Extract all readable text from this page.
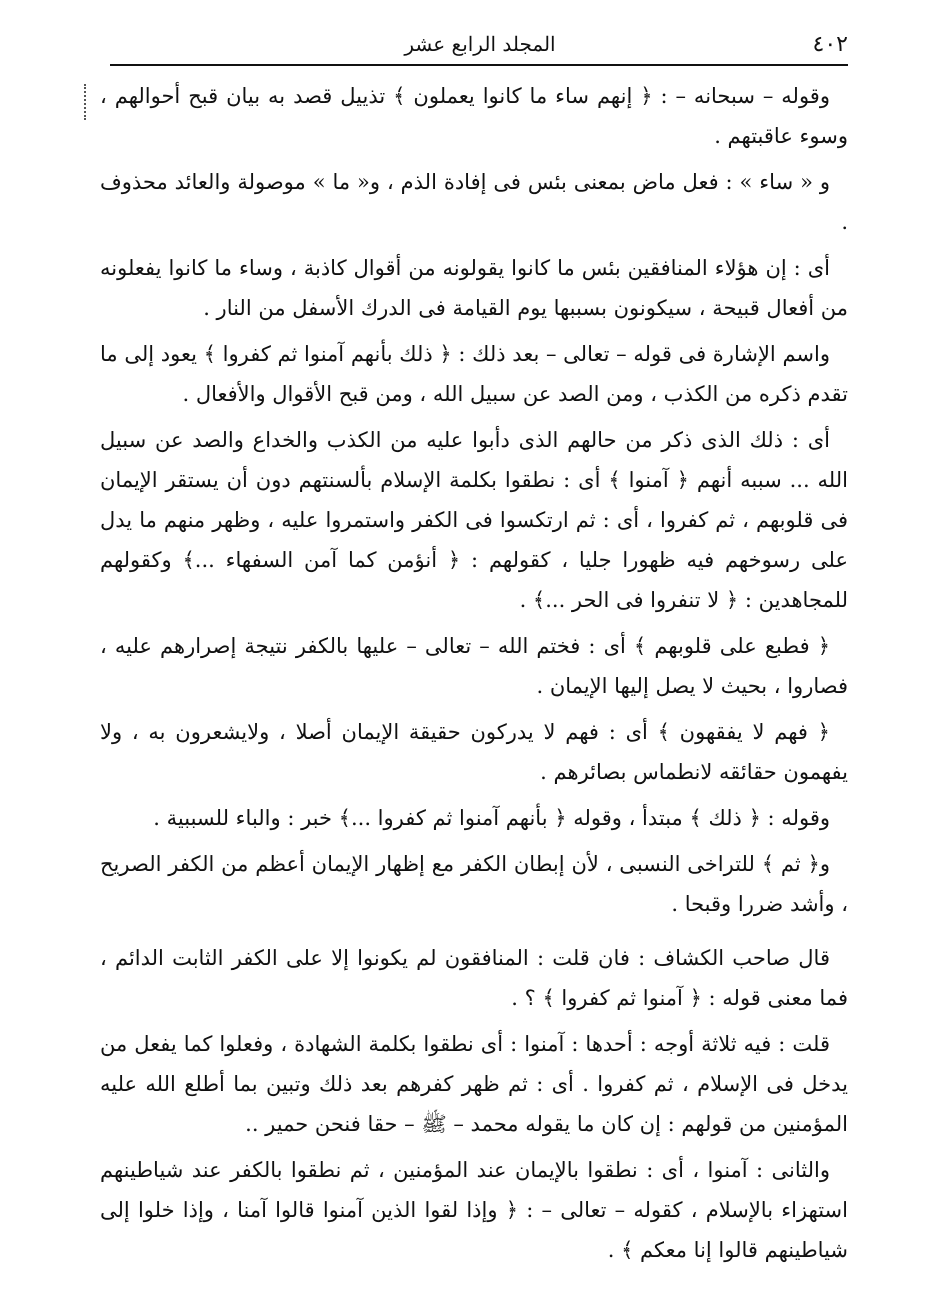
٤٠٢
المجلد الرابع عشر

وقوله – سبحانه – : ﴿ إنهم ساء ما كانوا يعملون ﴾ تذييل قصد به بيان قبح أحوالهم ، وسوء عاقبتهم .

و « ساء » : فعل ماض بمعنى بئس فى إفادة الذم ، و« ما » موصولة والعائد محذوف .

أى : إن هؤلاء المنافقين بئس ما كانوا يقولونه من أقوال كاذبة ، وساء ما كانوا يفعلونه من أفعال قبيحة ، سيكونون بسببها يوم القيامة فى الدرك الأسفل من النار .

واسم الإشارة فى قوله – تعالى – بعد ذلك : ﴿ ذلك بأنهم آمنوا ثم كفروا ﴾ يعود إلى ما تقدم ذكره من الكذب ، ومن الصد عن سبيل الله ، ومن قبح الأقوال والأفعال .

أى : ذلك الذى ذكر من حالهم الذى دأبوا عليه من الكذب والخداع والصد عن سبيل الله ... سببه أنهم ﴿ آمنوا ﴾ أى : نطقوا بكلمة الإسلام بألسنتهم دون أن يستقر الإيمان فى قلوبهم ، ثم كفروا ، أى : ثم ارتكسوا فى الكفر واستمروا عليه ، وظهر منهم ما يدل على رسوخهم فيه ظهورا جليا ، كقولهم : ﴿ أنؤمن كما آمن السفهاء ...﴾ وكقولهم للمجاهدين : ﴿ لا تنفروا فى الحر ...﴾ .

﴿ فطبع على قلوبهم ﴾ أى : فختم الله – تعالى – عليها بالكفر نتيجة إصرارهم عليه ، فصاروا ، بحيث لا يصل إليها الإيمان .

﴿ فهم لا يفقهون ﴾ أى : فهم لا يدركون حقيقة الإيمان أصلا ، ولايشعرون به ، ولا يفهمون حقائقه لانطماس بصائرهم .

وقوله : ﴿ ذلك ﴾ مبتدأ ، وقوله ﴿ بأنهم آمنوا ثم كفروا ...﴾ خبر : والباء للسببية .

و﴿ ثم ﴾ للتراخى النسبى ، لأن إبطان الكفر مع إظهار الإيمان أعظم من الكفر الصريح ، وأشد ضررا وقبحا .

قال صاحب الكشاف : فان قلت : المنافقون لم يكونوا إلا على الكفر الثابت الدائم ، فما معنى قوله : ﴿ آمنوا ثم كفروا ﴾ ؟ .

قلت : فيه ثلاثة أوجه : أحدها : آمنوا : أى نطقوا بكلمة الشهادة ، وفعلوا كما يفعل من يدخل فى الإسلام ، ثم كفروا . أى : ثم ظهر كفرهم بعد ذلك وتبين بما أطلع الله عليه المؤمنين من قولهم : إن كان ما يقوله محمد – ﷺ – حقا فنحن حمير ..

والثانى : آمنوا ، أى : نطقوا بالإيمان عند المؤمنين ، ثم نطقوا بالكفر عند شياطينهم استهزاء بالإسلام ، كقوله – تعالى – : ﴿ وإذا لقوا الذين آمنوا قالوا آمنا ، وإذا خلوا إلى شياطينهم قالوا إنا معكم ﴾ .
